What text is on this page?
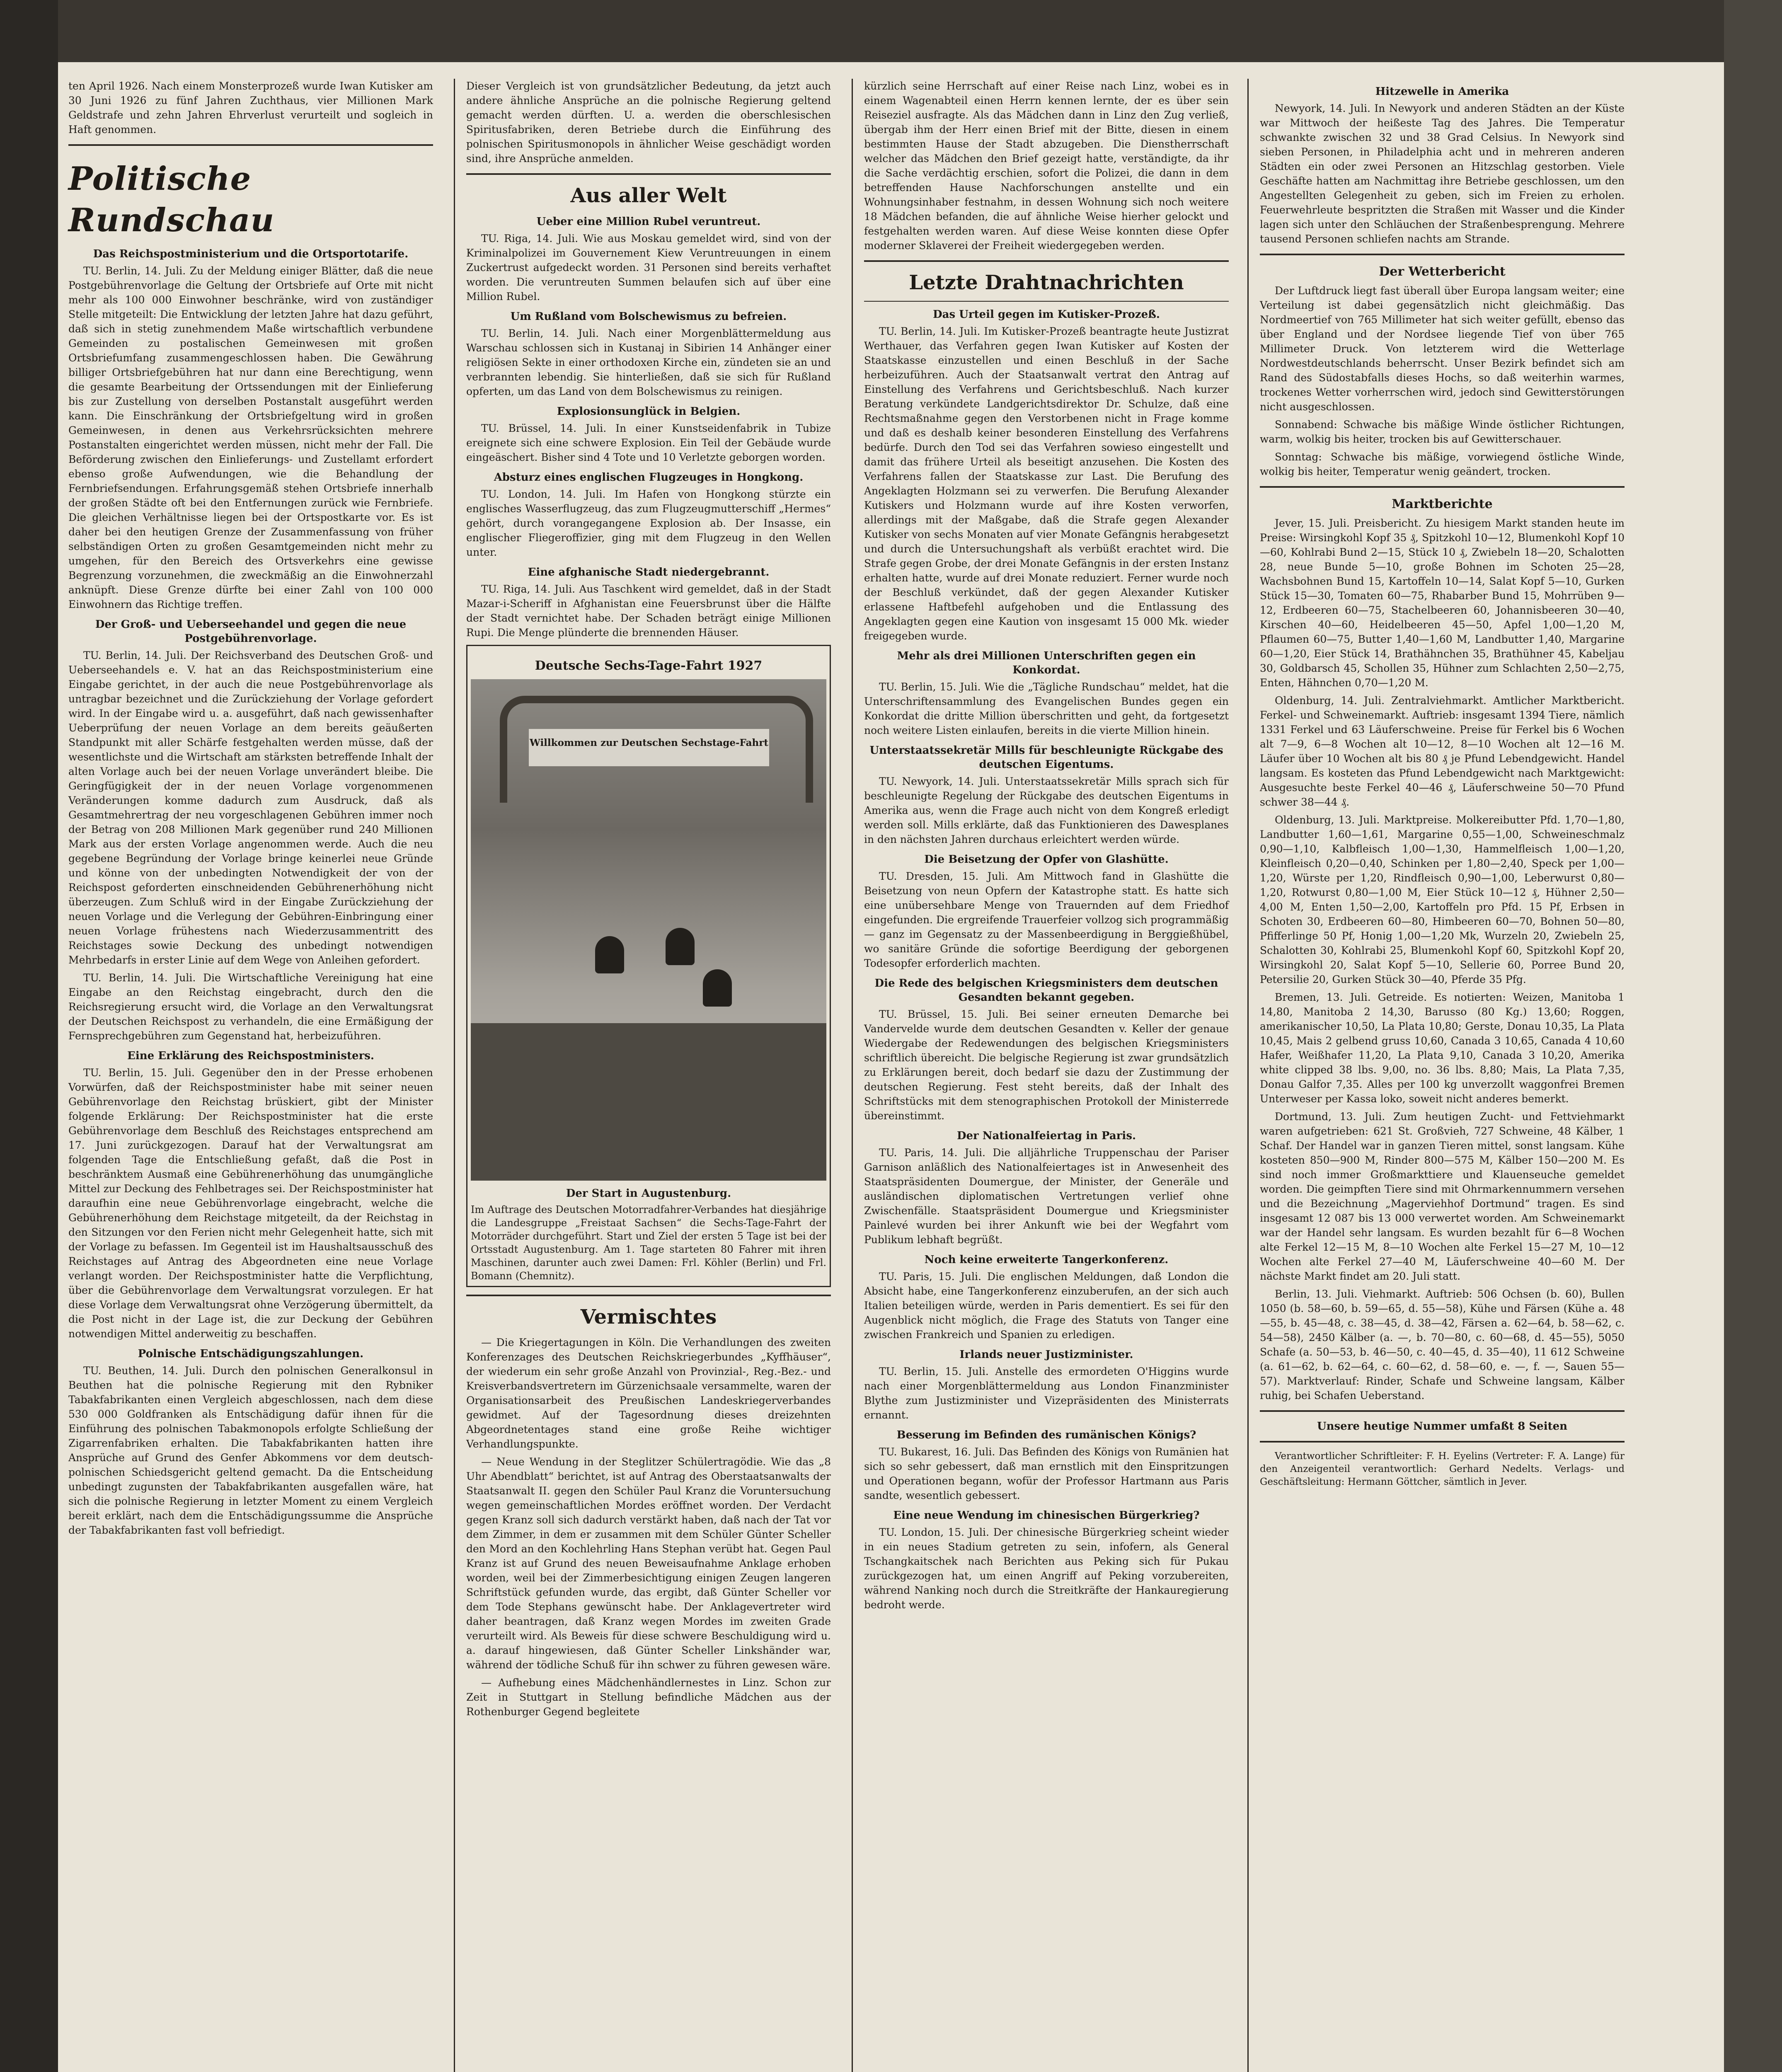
ten April 1926. Nach einem Monsterprozeß wurde Iwan Kutisker am 30 Juni 1926 zu fünf Jahren Zuchthaus, vier Millionen Mark Geldstrafe und zehn Jahren Ehrverlust verurteilt und sogleich in Haft genommen.

Politische Rundschau
Das Reichspostministerium und die Ortsportotarife.

TU. Berlin, 14. Juli. Zu der Meldung einiger Blätter, daß die neue Postgebührenvorlage die Geltung der Ortsbriefe auf Orte mit nicht mehr als 100 000 Einwohner beschränke, wird von zuständiger Stelle mitgeteilt: Die Entwicklung der letzten Jahre hat dazu geführt, daß sich in stetig zunehmendem Maße wirtschaftlich verbundene Gemeinden zu postalischen Gemeinwesen mit großen Ortsbriefumfang zusammengeschlossen haben. Die Gewährung billiger Ortsbriefgebühren hat nur dann eine Berechtigung, wenn die gesamte Bearbeitung der Ortssendungen mit der Einlieferung bis zur Zustellung von derselben Postanstalt ausgeführt werden kann. Die Einschränkung der Ortsbriefgeltung wird in großen Gemeinwesen, in denen aus Verkehrsrücksichten mehrere Postanstalten eingerichtet werden müssen, nicht mehr der Fall. Die Beförderung zwischen den Einlieferungs- und Zustellamt erfordert ebenso große Aufwendungen, wie die Behandlung der Fernbriefsendungen. Erfahrungsgemäß stehen Ortsbriefe innerhalb der großen Städte oft bei den Entfernungen zurück wie Fernbriefe. Die gleichen Verhältnisse liegen bei der Ortspostkarte vor. Es ist daher bei den heutigen Grenze der Zusammenfassung von früher selbständigen Orten zu großen Gesamtgemeinden nicht mehr zu umgehen, für den Bereich des Ortsverkehrs eine gewisse Begrenzung vorzunehmen, die zweckmäßig an die Einwohnerzahl anknüpft. Diese Grenze dürfte bei einer Zahl von 100 000 Einwohnern das Richtige treffen.

Der Groß- und Ueberseehandel und gegen die neue Postgebührenvorlage.

TU. Berlin, 14. Juli. Der Reichsverband des Deutschen Groß- und Ueberseehandels e. V. hat an das Reichspostministerium eine Eingabe gerichtet, in der auch die neue Postgebührenvorlage als untragbar bezeichnet und die Zurückziehung der Vorlage gefordert wird. In der Eingabe wird u. a. ausgeführt, daß nach gewissenhafter Ueberprüfung der neuen Vorlage an dem bereits geäußerten Standpunkt mit aller Schärfe festgehalten werden müsse, daß der wesentlichste und die Wirtschaft am stärksten betreffende Inhalt der alten Vorlage auch bei der neuen Vorlage unverändert bleibe. Die Geringfügigkeit der in der neuen Vorlage vorgenommenen Veränderungen komme dadurch zum Ausdruck, daß als Gesamtmehrertrag der neu vorgeschlagenen Gebühren immer noch der Betrag von 208 Millionen Mark gegenüber rund 240 Millionen Mark aus der ersten Vorlage angenommen werde. Auch die neu gegebene Begründung der Vorlage bringe keinerlei neue Gründe und könne von der unbedingten Notwendigkeit der von der Reichspost geforderten einschneidenden Gebührenerhöhung nicht überzeugen. Zum Schluß wird in der Eingabe Zurückziehung der neuen Vorlage und die Verlegung der Gebühren-Einbringung einer neuen Vorlage frühestens nach Wiederzusammentritt des Reichstages sowie Deckung des unbedingt notwendigen Mehrbedarfs in erster Linie auf dem Wege von Anleihen gefordert.

TU. Berlin, 14. Juli. Die Wirtschaftliche Vereinigung hat eine Eingabe an den Reichstag eingebracht, durch den die Reichsregierung ersucht wird, die Vorlage an den Verwaltungsrat der Deutschen Reichspost zu verhandeln, die eine Ermäßigung der Fernsprechgebühren zum Gegenstand hat, herbeizuführen.

Eine Erklärung des Reichspostministers.

TU. Berlin, 15. Juli. Gegenüber den in der Presse erhobenen Vorwürfen, daß der Reichspostminister habe mit seiner neuen Gebührenvorlage den Reichstag brüskiert, gibt der Minister folgende Erklärung: Der Reichspostminister hat die erste Gebührenvorlage dem Beschluß des Reichstages entsprechend am 17. Juni zurückgezogen. Darauf hat der Verwaltungsrat am folgenden Tage die Entschließung gefaßt, daß die Post in beschränktem Ausmaß eine Gebührenerhöhung das unumgängliche Mittel zur Deckung des Fehlbetrages sei. Der Reichspostminister hat daraufhin eine neue Gebührenvorlage eingebracht, welche die Gebührenerhöhung dem Reichstage mitgeteilt, da der Reichstag in den Sitzungen vor den Ferien nicht mehr Gelegenheit hatte, sich mit der Vorlage zu befassen. Im Gegenteil ist im Haushaltsausschuß des Reichstages auf Antrag des Abgeordneten eine neue Vorlage verlangt worden. Der Reichspostminister hatte die Verpflichtung, über die Gebührenvorlage dem Verwaltungsrat vorzulegen. Er hat diese Vorlage dem Verwaltungsrat ohne Verzögerung übermittelt, da die Post nicht in der Lage ist, die zur Deckung der Gebühren notwendigen Mittel anderweitig zu beschaffen.

Polnische Entschädigungszahlungen.

TU. Beuthen, 14. Juli. Durch den polnischen Generalkonsul in Beuthen hat die polnische Regierung mit den Rybniker Tabakfabrikanten einen Vergleich abgeschlossen, nach dem diese 530 000 Goldfranken als Entschädigung dafür ihnen für die Einführung des polnischen Tabakmonopols erfolgte Schließung der Zigarrenfabriken erhalten. Die Tabakfabrikanten hatten ihre Ansprüche auf Grund des Genfer Abkommens vor dem deutsch-polnischen Schiedsgericht geltend gemacht. Da die Entscheidung unbedingt zugunsten der Tabakfabrikanten ausgefallen wäre, hat sich die polnische Regierung in letzter Moment zu einem Vergleich bereit erklärt, nach dem die Entschädigungssumme die Ansprüche der Tabakfabrikanten fast voll befriedigt.

Dieser Vergleich ist von grundsätzlicher Bedeutung, da jetzt auch andere ähnliche Ansprüche an die polnische Regierung geltend gemacht werden dürften. U. a. werden die oberschlesischen Spiritusfabriken, deren Betriebe durch die Einführung des polnischen Spiritusmonopols in ähnlicher Weise geschädigt worden sind, ihre Ansprüche anmelden.

Aus aller Welt
Ueber eine Million Rubel veruntreut.

TU. Riga, 14. Juli. Wie aus Moskau gemeldet wird, sind von der Kriminalpolizei im Gouvernement Kiew Veruntreuungen in einem Zuckertrust aufgedeckt worden. 31 Personen sind bereits verhaftet worden. Die veruntreuten Summen belaufen sich auf über eine Million Rubel.

Um Rußland vom Bolschewismus zu befreien.

TU. Berlin, 14. Juli. Nach einer Morgenblättermeldung aus Warschau schlossen sich in Kustanaj in Sibirien 14 Anhänger einer religiösen Sekte in einer orthodoxen Kirche ein, zündeten sie an und verbrannten lebendig. Sie hinterließen, daß sie sich für Rußland opferten, um das Land von dem Bolschewismus zu reinigen.

Explosionsunglück in Belgien.

TU. Brüssel, 14. Juli. In einer Kunstseidenfabrik in Tubize ereignete sich eine schwere Explosion. Ein Teil der Gebäude wurde eingeäschert. Bisher sind 4 Tote und 10 Verletzte geborgen worden.

Absturz eines englischen Flugzeuges in Hongkong.

TU. London, 14. Juli. Im Hafen von Hongkong stürzte ein englisches Wasserflugzeug, das zum Flugzeugmutterschiff „Hermes“ gehört, durch vorangegangene Explosion ab. Der Insasse, ein englischer Fliegeroffizier, ging mit dem Flugzeug in den Wellen unter.

Eine afghanische Stadt niedergebrannt.

TU. Riga, 14. Juli. Aus Taschkent wird gemeldet, daß in der Stadt Mazar-i-Scheriff in Afghanistan eine Feuersbrunst über die Hälfte der Stadt vernichtet habe. Der Schaden beträgt einige Millionen Rupi. Die Menge plünderte die brennenden Häuser.

Deutsche Sechs-Tage-Fahrt 1927
Willkommen zur Deutschen Sechstage-Fahrt
Der Start in Augustenburg.
Im Auftrage des Deutschen Motorradfahrer-Verbandes hat diesjährige die Landesgruppe „Freistaat Sachsen“ die Sechs-Tage-Fahrt der Motorräder durchgeführt. Start und Ziel der ersten 5 Tage ist bei der Ortsstadt Augustenburg. Am 1. Tage starteten 80 Fahrer mit ihren Maschinen, darunter auch zwei Damen: Frl. Köhler (Berlin) und Frl. Bomann (Chemnitz).
Vermischtes

— Die Kriegertagungen in Köln. Die Verhandlungen des zweiten Konferenzages des Deutschen Reichskriegerbundes „Kyffhäuser“, der wiederum ein sehr große Anzahl von Provinzial-, Reg.-Bez.- und Kreisverbandsvertretern im Gürzenichsaale versammelte, waren der Organisationsarbeit des Preußischen Landeskriegerverbandes gewidmet. Auf der Tagesordnung dieses dreizehnten Abgeordnetentages stand eine große Reihe wichtiger Verhandlungspunkte.

— Neue Wendung in der Steglitzer Schülertragödie. Wie das „8 Uhr Abendblatt“ berichtet, ist auf Antrag des Oberstaatsanwalts der Staatsanwalt II. gegen den Schüler Paul Kranz die Voruntersuchung wegen gemeinschaftlichen Mordes eröffnet worden. Der Verdacht gegen Kranz soll sich dadurch verstärkt haben, daß nach der Tat vor dem Zimmer, in dem er zusammen mit dem Schüler Günter Scheller den Mord an den Kochlehrling Hans Stephan verübt hat. Gegen Paul Kranz ist auf Grund des neuen Beweisaufnahme Anklage erhoben worden, weil bei der Zimmerbesichtigung einigen Zeugen langeren Schriftstück gefunden wurde, das ergibt, daß Günter Scheller vor dem Tode Stephans gewünscht habe. Der Anklagevertreter wird daher beantragen, daß Kranz wegen Mordes im zweiten Grade verurteilt wird. Als Beweis für diese schwere Beschuldigung wird u. a. darauf hingewiesen, daß Günter Scheller Linkshänder war, während der tödliche Schuß für ihn schwer zu führen gewesen wäre.

— Aufhebung eines Mädchenhändlernestes in Linz. Schon zur Zeit in Stuttgart in Stellung befindliche Mädchen aus der Rothenburger Gegend begleitete

kürzlich seine Herrschaft auf einer Reise nach Linz, wobei es in einem Wagenabteil einen Herrn kennen lernte, der es über sein Reiseziel ausfragte. Als das Mädchen dann in Linz den Zug verließ, übergab ihm der Herr einen Brief mit der Bitte, diesen in einem bestimmten Hause der Stadt abzugeben. Die Dienstherrschaft welcher das Mädchen den Brief gezeigt hatte, verständigte, da ihr die Sache verdächtig erschien, sofort die Polizei, die dann in dem betreffenden Hause Nachforschungen anstellte und ein Wohnungsinhaber festnahm, in dessen Wohnung sich noch weitere 18 Mädchen befanden, die auf ähnliche Weise hierher gelockt und festgehalten werden waren. Auf diese Weise konnten diese Opfer moderner Sklaverei der Freiheit wiedergegeben werden.

Letzte Drahtnachrichten
Das Urteil gegen im Kutisker-Prozeß.

TU. Berlin, 14. Juli. Im Kutisker-Prozeß beantragte heute Justizrat Werthauer, das Verfahren gegen Iwan Kutisker auf Kosten der Staatskasse einzustellen und einen Beschluß in der Sache herbeizuführen. Auch der Staatsanwalt vertrat den Antrag auf Einstellung des Verfahrens und Gerichtsbeschluß. Nach kurzer Beratung verkündete Landgerichtsdirektor Dr. Schulze, daß eine Rechtsmaßnahme gegen den Verstorbenen nicht in Frage komme und daß es deshalb keiner besonderen Einstellung des Verfahrens bedürfe. Durch den Tod sei das Verfahren sowieso eingestellt und damit das frühere Urteil als beseitigt anzusehen. Die Kosten des Verfahrens fallen der Staatskasse zur Last. Die Berufung des Angeklagten Holzmann sei zu verwerfen. Die Berufung Alexander Kutiskers und Holzmann wurde auf ihre Kosten verworfen, allerdings mit der Maßgabe, daß die Strafe gegen Alexander Kutisker von sechs Monaten auf vier Monate Gefängnis herabgesetzt und durch die Untersuchungshaft als verbüßt erachtet wird. Die Strafe gegen Grobe, der drei Monate Gefängnis in der ersten Instanz erhalten hatte, wurde auf drei Monate reduziert. Ferner wurde noch der Beschluß verkündet, daß der gegen Alexander Kutisker erlassene Haftbefehl aufgehoben und die Entlassung des Angeklagten gegen eine Kaution von insgesamt 15 000 Mk. wieder freigegeben wurde.

Mehr als drei Millionen Unterschriften gegen ein Konkordat.

TU. Berlin, 15. Juli. Wie die „Tägliche Rundschau“ meldet, hat die Unterschriftensammlung des Evangelischen Bundes gegen ein Konkordat die dritte Million überschritten und geht, da fortgesetzt noch weitere Listen einlaufen, bereits in die vierte Million hinein.

Unterstaatssekretär Mills für beschleunigte Rückgabe des deutschen Eigentums.

TU. Newyork, 14. Juli. Unterstaatssekretär Mills sprach sich für beschleunigte Regelung der Rückgabe des deutschen Eigentums in Amerika aus, wenn die Frage auch nicht von dem Kongreß erledigt werden soll. Mills erklärte, daß das Funktionieren des Dawesplanes in den nächsten Jahren durchaus erleichtert werden würde.

Die Beisetzung der Opfer von Glashütte.

TU. Dresden, 15. Juli. Am Mittwoch fand in Glashütte die Beisetzung von neun Opfern der Katastrophe statt. Es hatte sich eine unübersehbare Menge von Trauernden auf dem Friedhof eingefunden. Die ergreifende Trauerfeier vollzog sich programmäßig — ganz im Gegensatz zu der Massenbeerdigung in Berggießhübel, wo sanitäre Gründe die sofortige Beerdigung der geborgenen Todesopfer erforderlich machten.

Die Rede des belgischen Kriegsministers dem deutschen Gesandten bekannt gegeben.

TU. Brüssel, 15. Juli. Bei seiner erneuten Demarche bei Vandervelde wurde dem deutschen Gesandten v. Keller der genaue Wiedergabe der Redewendungen des belgischen Kriegsministers schriftlich übereicht. Die belgische Regierung ist zwar grundsätzlich zu Erklärungen bereit, doch bedarf sie dazu der Zustimmung der deutschen Regierung. Fest steht bereits, daß der Inhalt des Schriftstücks mit dem stenographischen Protokoll der Ministerrede übereinstimmt.

Der Nationalfeiertag in Paris.

TU. Paris, 14. Juli. Die alljährliche Truppenschau der Pariser Garnison anläßlich des Nationalfeiertages ist in Anwesenheit des Staatspräsidenten Doumergue, der Minister, der Generäle und ausländischen diplomatischen Vertretungen verlief ohne Zwischenfälle. Staatspräsident Doumergue und Kriegsminister Painlevé wurden bei ihrer Ankunft wie bei der Wegfahrt vom Publikum lebhaft begrüßt.

Noch keine erweiterte Tangerkonferenz.

TU. Paris, 15. Juli. Die englischen Meldungen, daß London die Absicht habe, eine Tangerkonferenz einzuberufen, an der sich auch Italien beteiligen würde, werden in Paris dementiert. Es sei für den Augenblick nicht möglich, die Frage des Statuts von Tanger eine zwischen Frankreich und Spanien zu erledigen.

Irlands neuer Justizminister.

TU. Berlin, 15. Juli. Anstelle des ermordeten O'Higgins wurde nach einer Morgenblättermeldung aus London Finanzminister Blythe zum Justizminister und Vizepräsidenten des Ministerrats ernannt.

Besserung im Befinden des rumänischen Königs?

TU. Bukarest, 16. Juli. Das Befinden des Königs von Rumänien hat sich so sehr gebessert, daß man ernstlich mit den Einspritzungen und Operationen begann, wofür der Professor Hartmann aus Paris sandte, wesentlich gebessert.

Eine neue Wendung im chinesischen Bürgerkrieg?

TU. London, 15. Juli. Der chinesische Bürgerkrieg scheint wieder in ein neues Stadium getreten zu sein, infofern, als General Tschangkaitschek nach Berichten aus Peking sich für Pukau zurückgezogen hat, um einen Angriff auf Peking vorzubereiten, während Nanking noch durch die Streitkräfte der Hankauregierung bedroht werde.

Hitzewelle in Amerika

Newyork, 14. Juli. In Newyork und anderen Städten an der Küste war Mittwoch der heißeste Tag des Jahres. Die Temperatur schwankte zwischen 32 und 38 Grad Celsius. In Newyork sind sieben Personen, in Philadelphia acht und in mehreren anderen Städten ein oder zwei Personen an Hitzschlag gestorben. Viele Geschäfte hatten am Nachmittag ihre Betriebe geschlossen, um den Angestellten Gelegenheit zu geben, sich im Freien zu erholen. Feuerwehrleute bespritzten die Straßen mit Wasser und die Kinder lagen sich unter den Schläuchen der Straßenbesprengung. Mehrere tausend Personen schliefen nachts am Strande.

Der Wetterbericht

Der Luftdruck liegt fast überall über Europa langsam weiter; eine Verteilung ist dabei gegensätzlich nicht gleichmäßig. Das Nordmeertief von 765 Millimeter hat sich weiter gefüllt, ebenso das über England und der Nordsee liegende Tief von über 765 Millimeter Druck. Von letzterem wird die Wetterlage Nordwestdeutschlands beherrscht. Unser Bezirk befindet sich am Rand des Südostabfalls dieses Hochs, so daß weiterhin warmes, trockenes Wetter vorherrschen wird, jedoch sind Gewitterstörungen nicht ausgeschlossen.

Sonnabend: Schwache bis mäßige Winde östlicher Richtungen, warm, wolkig bis heiter, trocken bis auf Gewitterschauer.

Sonntag: Schwache bis mäßige, vorwiegend östliche Winde, wolkig bis heiter, Temperatur wenig geändert, trocken.

Marktberichte

Jever, 15. Juli. Preisbericht. Zu hiesigem Markt standen heute im Preise: Wirsingkohl Kopf 35 ₰, Spitzkohl 10—12, Blumenkohl Kopf 10—60, Kohlrabi Bund 2—15, Stück 10 ₰, Zwiebeln 18—20, Schalotten 28, neue Bunde 5—10, große Bohnen im Schoten 25—28, Wachsbohnen Bund 15, Kartoffeln 10—14, Salat Kopf 5—10, Gurken Stück 15—30, Tomaten 60—75, Rhabarber Bund 15, Mohrrüben 9—12, Erdbeeren 60—75, Stachelbeeren 60, Johannisbeeren 30—40, Kirschen 40—60, Heidelbeeren 45—50, Apfel 1,00—1,20 M, Pflaumen 60—75, Butter 1,40—1,60 M, Landbutter 1,40, Margarine 60—1,20, Eier Stück 14, Brathähnchen 35, Brathühner 45, Kabeljau 30, Goldbarsch 45, Schollen 35, Hühner zum Schlachten 2,50—2,75, Enten, Hähnchen 0,70—1,20 M.

Oldenburg, 14. Juli. Zentralviehmarkt. Amtlicher Marktbericht. Ferkel- und Schweinemarkt. Auftrieb: insgesamt 1394 Tiere, nämlich 1331 Ferkel und 63 Läuferschweine. Preise für Ferkel bis 6 Wochen alt 7—9, 6—8 Wochen alt 10—12, 8—10 Wochen alt 12—16 M. Läufer über 10 Wochen alt bis 80 ₰ je Pfund Lebendgewicht. Handel langsam. Es kosteten das Pfund Lebendgewicht nach Marktgewicht: Ausgesuchte beste Ferkel 40—46 ₰, Läuferschweine 50—70 Pfund schwer 38—44 ₰.

Oldenburg, 13. Juli. Marktpreise. Molkereibutter Pfd. 1,70—1,80, Landbutter 1,60—1,61, Margarine 0,55—1,00, Schweineschmalz 0,90—1,10, Kalbfleisch 1,00—1,30, Hammelfleisch 1,00—1,20, Kleinfleisch 0,20—0,40, Schinken per 1,80—2,40, Speck per 1,00—1,20, Würste per 1,20, Rindfleisch 0,90—1,00, Leberwurst 0,80—1,20, Rotwurst 0,80—1,00 M, Eier Stück 10—12 ₰, Hühner 2,50—4,00 M, Enten 1,50—2,00, Kartoffeln pro Pfd. 15 Pf, Erbsen in Schoten 30, Erdbeeren 60—80, Himbeeren 60—70, Bohnen 50—80, Pfifferlinge 50 Pf, Honig 1,00—1,20 Mk, Wurzeln 20, Zwiebeln 25, Schalotten 30, Kohlrabi 25, Blumenkohl Kopf 60, Spitzkohl Kopf 20, Wirsingkohl 20, Salat Kopf 5—10, Sellerie 60, Porree Bund 20, Petersilie 20, Gurken Stück 30—40, Pferde 35 Pfg.

Bremen, 13. Juli. Getreide. Es notierten: Weizen, Manitoba 1 14,80, Manitoba 2 14,30, Barusso (80 Kg.) 13,60; Roggen, amerikanischer 10,50, La Plata 10,80; Gerste, Donau 10,35, La Plata 10,45, Mais 2 gelbend gruss 10,60, Canada 3 10,65, Canada 4 10,60 Hafer, Weißhafer 11,20, La Plata 9,10, Canada 3 10,20, Amerika white clipped 38 lbs. 9,00, no. 36 lbs. 8,80; Mais, La Plata 7,35, Donau Galfor 7,35. Alles per 100 kg unverzollt waggonfrei Bremen Unterweser per Kassa loko, soweit nicht anderes bemerkt.

Dortmund, 13. Juli. Zum heutigen Zucht- und Fettviehmarkt waren aufgetrieben: 621 St. Großvieh, 727 Schweine, 48 Kälber, 1 Schaf. Der Handel war in ganzen Tieren mittel, sonst langsam. Kühe kosteten 850—900 M, Rinder 800—575 M, Kälber 150—200 M. Es sind noch immer Großmarkttiere und Klauenseuche gemeldet worden. Die geimpften Tiere sind mit Ohrmarkennummern versehen und die Bezeichnung „Magerviehhof Dortmund“ tragen. Es sind insgesamt 12 087 bis 13 000 verwertet worden. Am Schweinemarkt war der Handel sehr langsam. Es wurden bezahlt für 6—8 Wochen alte Ferkel 12—15 M, 8—10 Wochen alte Ferkel 15—27 M, 10—12 Wochen alte Ferkel 27—40 M, Läuferschweine 40—60 M. Der nächste Markt findet am 20. Juli statt.

Berlin, 13. Juli. Viehmarkt. Auftrieb: 506 Ochsen (b. 60), Bullen 1050 (b. 58—60, b. 59—65, d. 55—58), Kühe und Färsen (Kühe a. 48—55, b. 45—48, c. 38—45, d. 38—42, Färsen a. 62—64, b. 58—62, c. 54—58), 2450 Kälber (a. —, b. 70—80, c. 60—68, d. 45—55), 5050 Schafe (a. 50—53, b. 46—50, c. 40—45, d. 35—40), 11 612 Schweine (a. 61—62, b. 62—64, c. 60—62, d. 58—60, e. —, f. —, Sauen 55—57). Marktverlauf: Rinder, Schafe und Schweine langsam, Kälber ruhig, bei Schafen Ueberstand.

Unsere heutige Nummer umfaßt 8 Seiten

Verantwortlicher Schriftleiter: F. H. Eyelins (Vertreter: F. A. Lange) für den Anzeigenteil verantwortlich: Gerhard Nedelts. Verlags- und Geschäftsleitung: Hermann Göttcher, sämtlich in Jever.
